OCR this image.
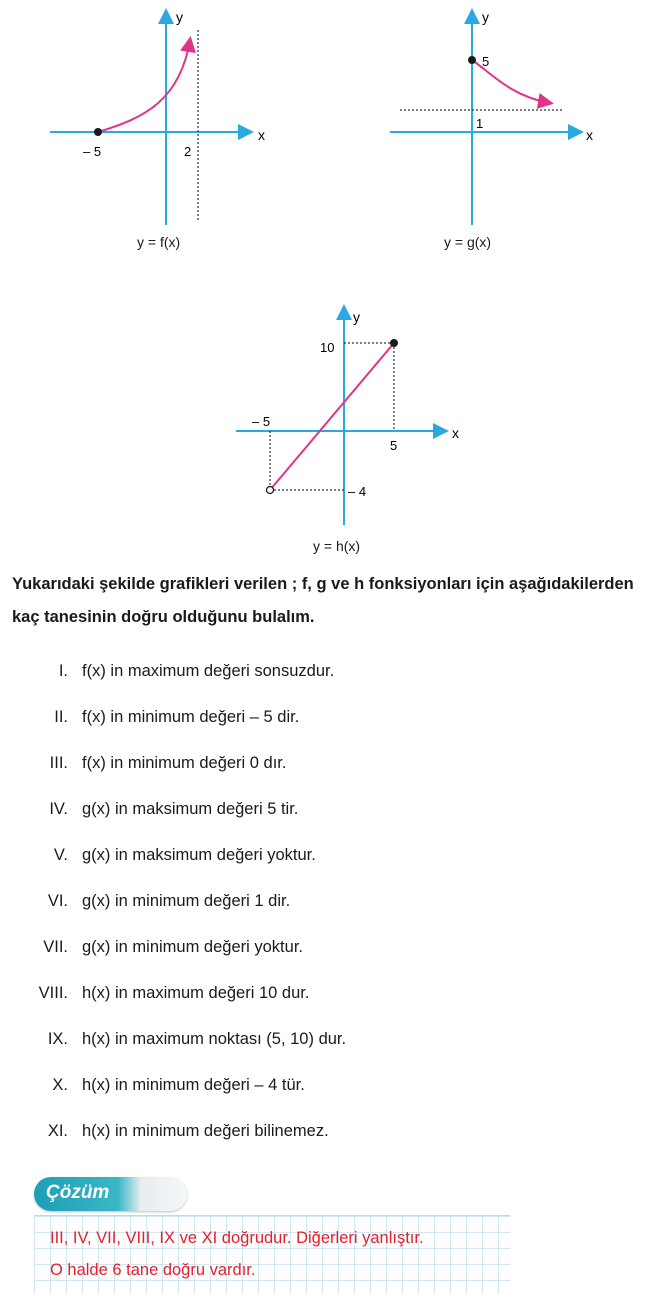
x
y
– 5	2
y = f(x)
x
y
5
1
y = g(x)
x
y
10
– 5
5
– 4
y = h(x)
Yukarıdaki şekilde grafikleri verilen ; f, g ve h fonksiyonları için aşağıdakilerden kaç tanesinin doğru olduğunu bulalım.
I. f(x) in maximum değeri sonsuzdur.
II. f(x) in minimum değeri – 5 dir.
III. f(x) in minimum değeri 0 dır.
IV. g(x) in maksimum değeri 5 tir.
V. g(x) in maksimum değeri yoktur.
VI. g(x) in minimum değeri 1 dir.
VII. g(x) in minimum değeri yoktur.
VIII. h(x) in maximum değeri 10 dur.
IX. h(x) in maximum noktası (5, 10) dur.
X. h(x) in minimum değeri – 4 tür.
XI. h(x) in minimum değeri bilinemez.
Çözüm
III, IV, VII, VIII, IX ve XI doğrudur. Diğerleri yanlıştır.
O halde 6 tane doğru vardır.
